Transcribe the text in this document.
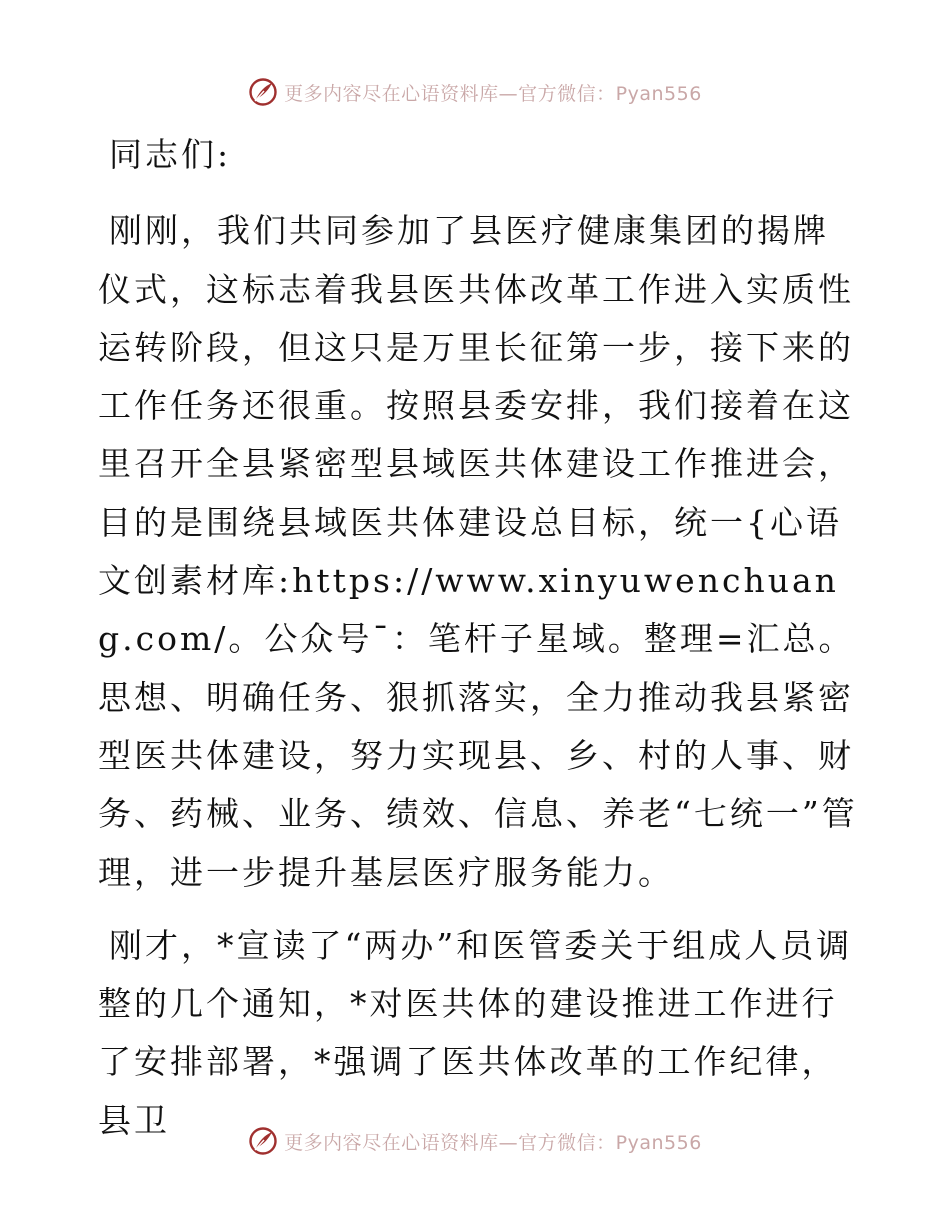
更多内容尽在心语资料库—官方微信：Pyan556

同志们:

刚刚，我们共同参加了县医疗健康集团的揭牌仪式，这标志着我县医共体改革工作进入实质性运转阶段，但这只是万里长征第一步，接下来的工作任务还很重。按照县委安排，我们接着在这里召开全县紧密型县域医共体建设工作推进会，目的是围绕县域医共体建设总目标，统一{心语文创素材库:https://www.xinyuwenchuang.com/。公众号¯：笔杆子星域。整理=汇总。思想、明确任务、狠抓落实，全力推动我县紧密型医共体建设，努力实现县、乡、村的人事、财务、药械、业务、绩效、信息、养老“七统一”管理，进一步提升基层医疗服务能力。

刚才，*宣读了“两办”和医管委关于组成人员调整的几个通知，*对医共体的建设推进工作进行了安排部署，*强调了医共体改革的工作纪律，县卫

更多内容尽在心语资料库—官方微信：Pyan556
